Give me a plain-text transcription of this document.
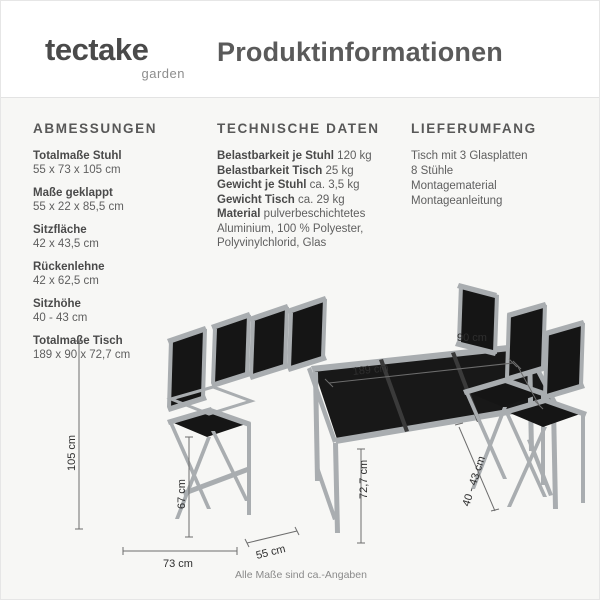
tectake
garden
Produktinformationen
ABMESSUNGEN
Totalmaße Stuhl
55 x 73 x 105 cm
Maße geklappt
55 x 22 x 85,5 cm
Sitzfläche
42 x 43,5 cm
Rückenlehne
42 x 62,5 cm
Sitzhöhe
40 - 43 cm
Totalmaße Tisch
189 x 90 x 72,7 cm
TECHNISCHE DATEN
Belastbarkeit je Stuhl 120 kg
Belastbarkeit Tisch 25 kg
Gewicht je Stuhl ca. 3,5 kg
Gewicht Tisch ca. 29 kg
Material pulverbeschichtetes
Aluminium, 100 % Polyester,
Polyvinylchlorid, Glas
LIEFERUMFANG
Tisch mit 3 Glasplatten
8 Stühle
Montagematerial
Montageanleitung
189 cm
90 cm
72,7 cm
105 cm
67 cm
73 cm
55 cm
40 - 43 cm
Alle Maße sind ca.-Angaben
